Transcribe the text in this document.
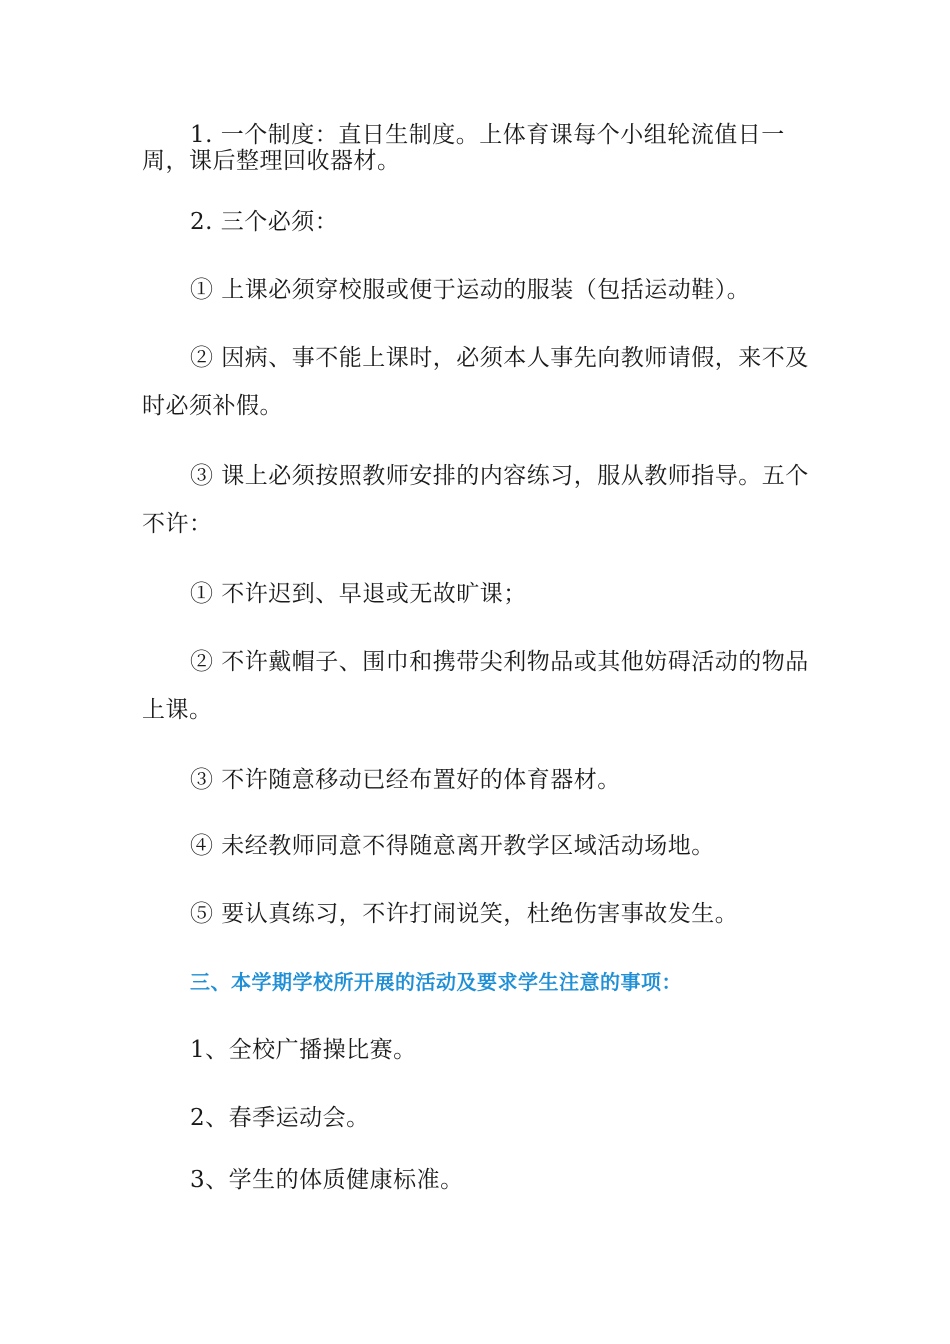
1. 一个制度：直日生制度。上体育课每个小组轮流值日一周，课后整理回收器材。

2. 三个必须：

① 上课必须穿校服或便于运动的服装（包括运动鞋）。

② 因病、事不能上课时，必须本人事先向教师请假，来不及时必须补假。

③ 课上必须按照教师安排的内容练习，服从教师指导。五个不许：

① 不许迟到、早退或无故旷课；

② 不许戴帽子、围巾和携带尖利物品或其他妨碍活动的物品上课。

③ 不许随意移动已经布置好的体育器材。

④ 未经教师同意不得随意离开教学区域活动场地。

⑤ 要认真练习，不许打闹说笑，杜绝伤害事故发生。

三、本学期学校所开展的活动及要求学生注意的事项：

1、全校广播操比赛。

2、春季运动会。

3、学生的体质健康标准。
